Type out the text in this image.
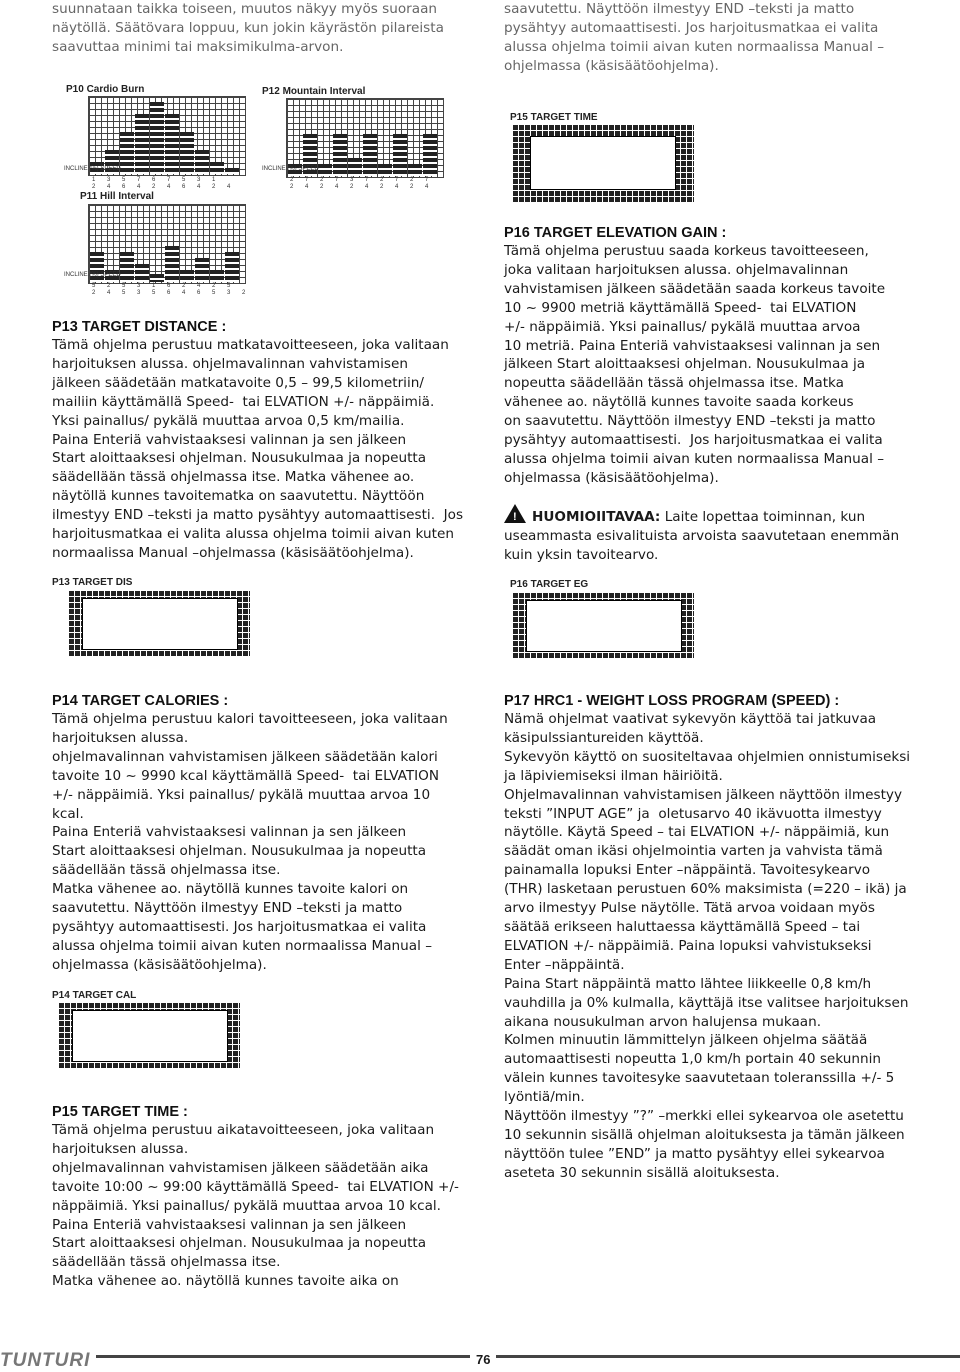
suunnataan taikka toiseen, muutos näkyy myös suoraan
näytöllä. Säätövara loppuu, kun jokin käyrästön pilareista
saavuttaa minimi tai maksimikulma-arvon.

saavutettu. Näyttöön ilmestyy END –teksti ja matto
pysähtyy automaattisesti. Jos harjoitusmatkaa ei valita
alussa ohjelma toimii aivan kuten normaalissa Manual –
ohjelmassa (käsisäätöohjelma).

P10 Cardio Burn
INCLINE (%) SPEED
1 3 5 7 6 7 5 3 1
2 4 6 4 2 4 6 4 2 4
P12 Mountain Interval
INCLINE (%) SPEED
2 7 2 7 3 7 2 7 2 7
2 4 2 4 2 4 2 4 2 4
P11 Hill Interval
INCLINE (%) SPEED
5 2 5 3 1 6 2 4 2 5
2 4 5 3 5 6 4 6 5 3 2
P15 TARGET TIME

P13 TARGET DISTANCE :

Tämä ohjelma perustuu matkatavoitteeseen, joka valitaan
harjoituksen alussa. ohjelmavalinnan vahvistamisen
jälkeen säädetään matkatavoite 0,5 – 99,5 kilometriin/
mailiin käyttämällä Speed-  tai ELVATION +/- näppäimiä.
Yksi painallus/ pykälä muuttaa arvoa 0,5 km/mailia.
Paina Enteriä vahvistaaksesi valinnan ja sen jälkeen
Start aloittaaksesi ohjelman. Nousukulmaa ja nopeutta
säädellään tässä ohjelmassa itse. Matka vähenee ao.
näytöllä kunnes tavoitematka on saavutettu. Näyttöön
ilmestyy END –teksti ja matto pysähtyy automaattisesti.  Jos
harjoitusmatkaa ei valita alussa ohjelma toimii aivan kuten
normaalissa Manual –ohjelmassa (käsisäätöohjelma).

P16 TARGET ELEVATION GAIN :

Tämä ohjelma perustuu saada korkeus tavoitteeseen,
joka valitaan harjoituksen alussa. ohjelmavalinnan
vahvistamisen jälkeen säädetään saada korkeus tavoite
10 ~ 9900 metriä käyttämällä Speed-  tai ELVATION
+/- näppäimiä. Yksi painallus/ pykälä muuttaa arvoa
10 metriä. Paina Enteriä vahvistaaksesi valinnan ja sen
jälkeen Start aloittaaksesi ohjelman. Nousukulmaa ja
nopeutta säädellään tässä ohjelmassa itse. Matka
vähenee ao. näytöllä kunnes tavoite saada korkeus
on saavutettu. Näyttöön ilmestyy END –teksti ja matto
pysähtyy automaattisesti.  Jos harjoitusmatkaa ei valita
alussa ohjelma toimii aivan kuten normaalissa Manual –
ohjelmassa (käsisäätöohjelma).

! HUOMIOIITAVAA: Laite lopettaa toiminnan, kun
useammasta esivalituista arvoista saavutetaan enemmän
kuin yksin tavoitearvo.

P13 TARGET DIS	P16 TARGET EG

P14 TARGET CALORIES :

Tämä ohjelma perustuu kalori tavoitteeseen, joka valitaan
harjoituksen alussa.
ohjelmavalinnan vahvistamisen jälkeen säädetään kalori
tavoite 10 ~ 9990 kcal käyttämällä Speed-  tai ELVATION
+/- näppäimiä. Yksi painallus/ pykälä muuttaa arvoa 10
kcal.
Paina Enteriä vahvistaaksesi valinnan ja sen jälkeen
Start aloittaaksesi ohjelman. Nousukulmaa ja nopeutta
säädellään tässä ohjelmassa itse.
Matka vähenee ao. näytöllä kunnes tavoite kalori on
saavutettu. Näyttöön ilmestyy END –teksti ja matto
pysähtyy automaattisesti. Jos harjoitusmatkaa ei valita
alussa ohjelma toimii aivan kuten normaalissa Manual –
ohjelmassa (käsisäätöohjelma).

P14 TARGET CAL

P15 TARGET TIME :

Tämä ohjelma perustuu aikatavoitteeseen, joka valitaan
harjoituksen alussa.
ohjelmavalinnan vahvistamisen jälkeen säädetään aika
tavoite 10:00 ~ 99:00 käyttämällä Speed-  tai ELVATION +/-
näppäimiä. Yksi painallus/ pykälä muuttaa arvoa 10 kcal.
Paina Enteriä vahvistaaksesi valinnan ja sen jälkeen
Start aloittaaksesi ohjelman. Nousukulmaa ja nopeutta
säädellään tässä ohjelmassa itse.
Matka vähenee ao. näytöllä kunnes tavoite aika on

P17 HRC1 - WEIGHT LOSS PROGRAM (SPEED) :

Nämä ohjelmat vaativat sykevyön käyttöä tai jatkuvaa
käsipulssiantureiden käyttöä.
Sykevyön käyttö on suositeltavaa ohjelmien onnistumiseksi
ja läpiviemiseksi ilman häiriöitä.
Ohjelmavalinnan vahvistamisen jälkeen näyttöön ilmestyy
teksti ”INPUT AGE” ja  oletusarvo 40 ikävuotta ilmestyy
näytölle. Käytä Speed – tai ELVATION +/- näppäimiä, kun
säädät oman ikäsi ohjelmointia varten ja vahvista tämä
painamalla lopuksi Enter –näppäintä. Tavoitesykearvo
(THR) lasketaan perustuen 60% maksimista (=220 – ikä) ja
arvo ilmestyy Pulse näytölle. Tätä arvoa voidaan myös
säätää erikseen haluttaessa käyttämällä Speed – tai
ELVATION +/- näppäimiä. Paina lopuksi vahvistukseksi
Enter –näppäintä.
Paina Start näppäintä matto lähtee liikkeelle 0,8 km/h
vauhdilla ja 0% kulmalla, käyttäjä itse valitsee harjoituksen
aikana nousukulman arvon halujensa mukaan.
Kolmen minuutin lämmittelyn jälkeen ohjelma säätää
automaattisesti nopeutta 1,0 km/h portain 40 sekunnin
välein kunnes tavoitesyke saavutetaan toleranssilla +/- 5
lyöntiä/min.
Näyttöön ilmestyy ”?” –merkki ellei sykearvoa ole asetettu
10 sekunnin sisällä ohjelman aloituksesta ja tämän jälkeen
näyttöön tulee ”END” ja matto pysähtyy ellei sykearvoa
aseteta 30 sekunnin sisällä aloituksesta.

TUNTURI	76
